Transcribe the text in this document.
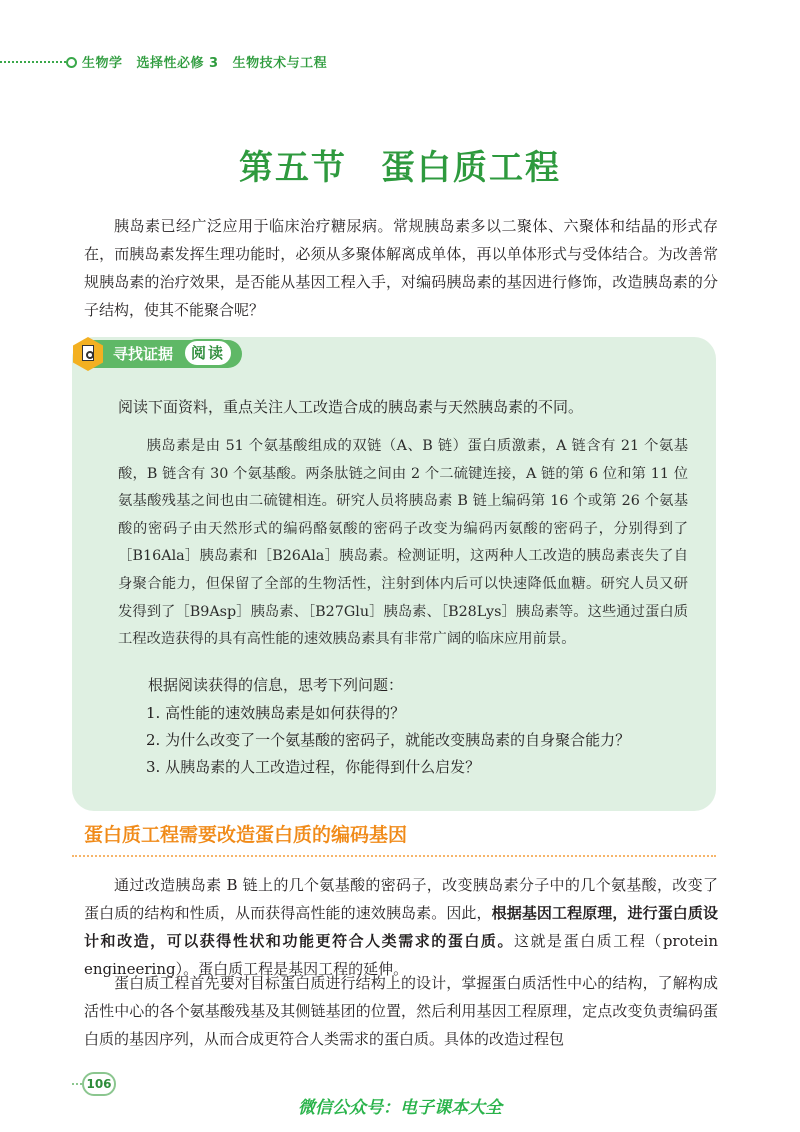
生物学 选择性必修 3 生物技术与工程
第五节 蛋白质工程
胰岛素已经广泛应用于临床治疗糖尿病。常规胰岛素多以二聚体、六聚体和结晶的形式存在，而胰岛素发挥生理功能时，必须从多聚体解离成单体，再以单体形式与受体结合。为改善常规胰岛素的治疗效果，是否能从基因工程入手，对编码胰岛素的基因进行修饰，改造胰岛素的分子结构，使其不能聚合呢？
寻找证据	阅读
阅读下面资料，重点关注人工改造合成的胰岛素与天然胰岛素的不同。
胰岛素是由 51 个氨基酸组成的双链（A、B 链）蛋白质激素，A 链含有 21 个氨基酸，B 链含有 30 个氨基酸。两条肽链之间由 2 个二硫键连接，A 链的第 6 位和第 11 位氨基酸残基之间也由二硫键相连。研究人员将胰岛素 B 链上编码第 16 个或第 26 个氨基酸的密码子由天然形式的编码酪氨酸的密码子改变为编码丙氨酸的密码子，分别得到了［B16Ala］胰岛素和［B26Ala］胰岛素。检测证明，这两种人工改造的胰岛素丧失了自身聚合能力，但保留了全部的生物活性，注射到体内后可以快速降低血糖。研究人员又研发得到了［B9Asp］胰岛素、［B27Glu］胰岛素、［B28Lys］胰岛素等。这些通过蛋白质工程改造获得的具有高性能的速效胰岛素具有非常广阔的临床应用前景。
根据阅读获得的信息，思考下列问题：
1. 高性能的速效胰岛素是如何获得的？
2. 为什么改变了一个氨基酸的密码子，就能改变胰岛素的自身聚合能力？
3. 从胰岛素的人工改造过程，你能得到什么启发？
蛋白质工程需要改造蛋白质的编码基因
通过改造胰岛素 B 链上的几个氨基酸的密码子，改变胰岛素分子中的几个氨基酸，改变了蛋白质的结构和性质，从而获得高性能的速效胰岛素。因此，根据基因工程原理，进行蛋白质设计和改造，可以获得性状和功能更符合人类需求的蛋白质。这就是蛋白质工程（protein engineering）。蛋白质工程是基因工程的延伸。
蛋白质工程首先要对目标蛋白质进行结构上的设计，掌握蛋白质活性中心的结构，了解构成活性中心的各个氨基酸残基及其侧链基团的位置，然后利用基因工程原理，定点改变负责编码蛋白质的基因序列，从而合成更符合人类需求的蛋白质。具体的改造过程包
106
微信公众号：电子课本大全
